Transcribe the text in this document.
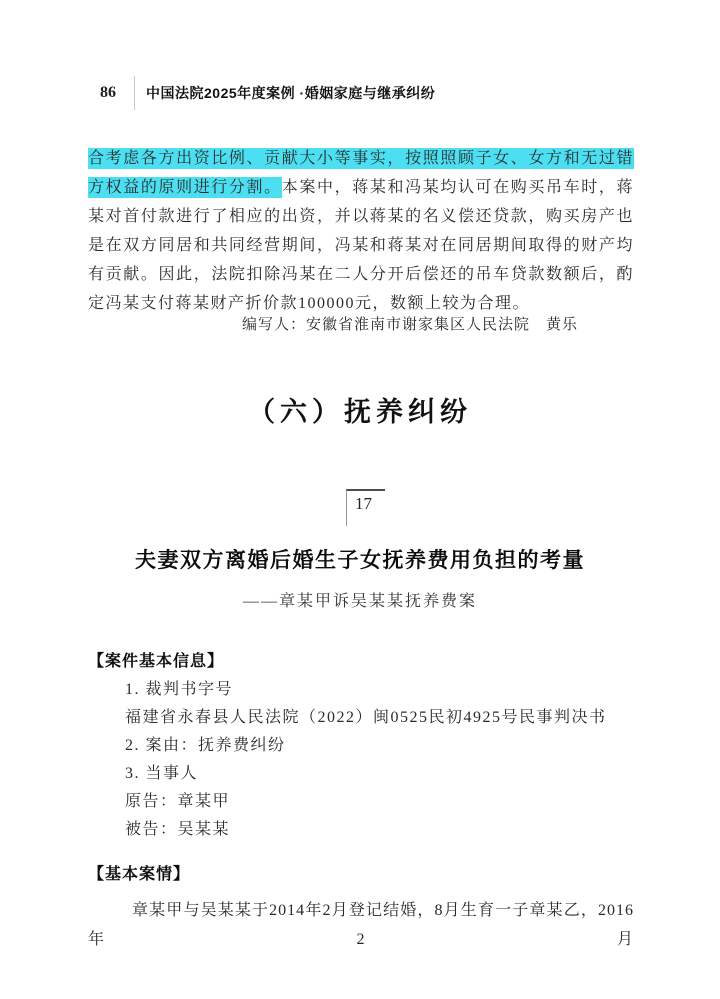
86	中国法院2025年度案例 ·婚姻家庭与继承纠纷

合考虑各方出资比例、贡献大小等事实，按照照顾子女、女方和无过错方权益的原则进行分割。本案中，蒋某和冯某均认可在购买吊车时，蒋某对首付款进行了相应的出资，并以蒋某的名义偿还贷款，购买房产也是在双方同居和共同经营期间，冯某和蒋某对在同居期间取得的财产均有贡献。因此，法院扣除冯某在二人分开后偿还的吊车贷款数额后，酌定冯某支付蒋某财产折价款100000元，数额上较为合理。

编写人：安徽省淮南市谢家集区人民法院　黄乐

（六）抚养纠纷
17
夫妻双方离婚后婚生子女抚养费用负担的考量

——章某甲诉吴某某抚养费案

【案件基本信息】
1. 裁判书字号
福建省永春县人民法院（2022）闽0525民初4925号民事判决书
2. 案由：抚养费纠纷
3. 当事人
原告：章某甲
被告：吴某某
【基本案情】

章某甲与吴某某于2014年2月登记结婚，8月生育一子章某乙，2016年2月
